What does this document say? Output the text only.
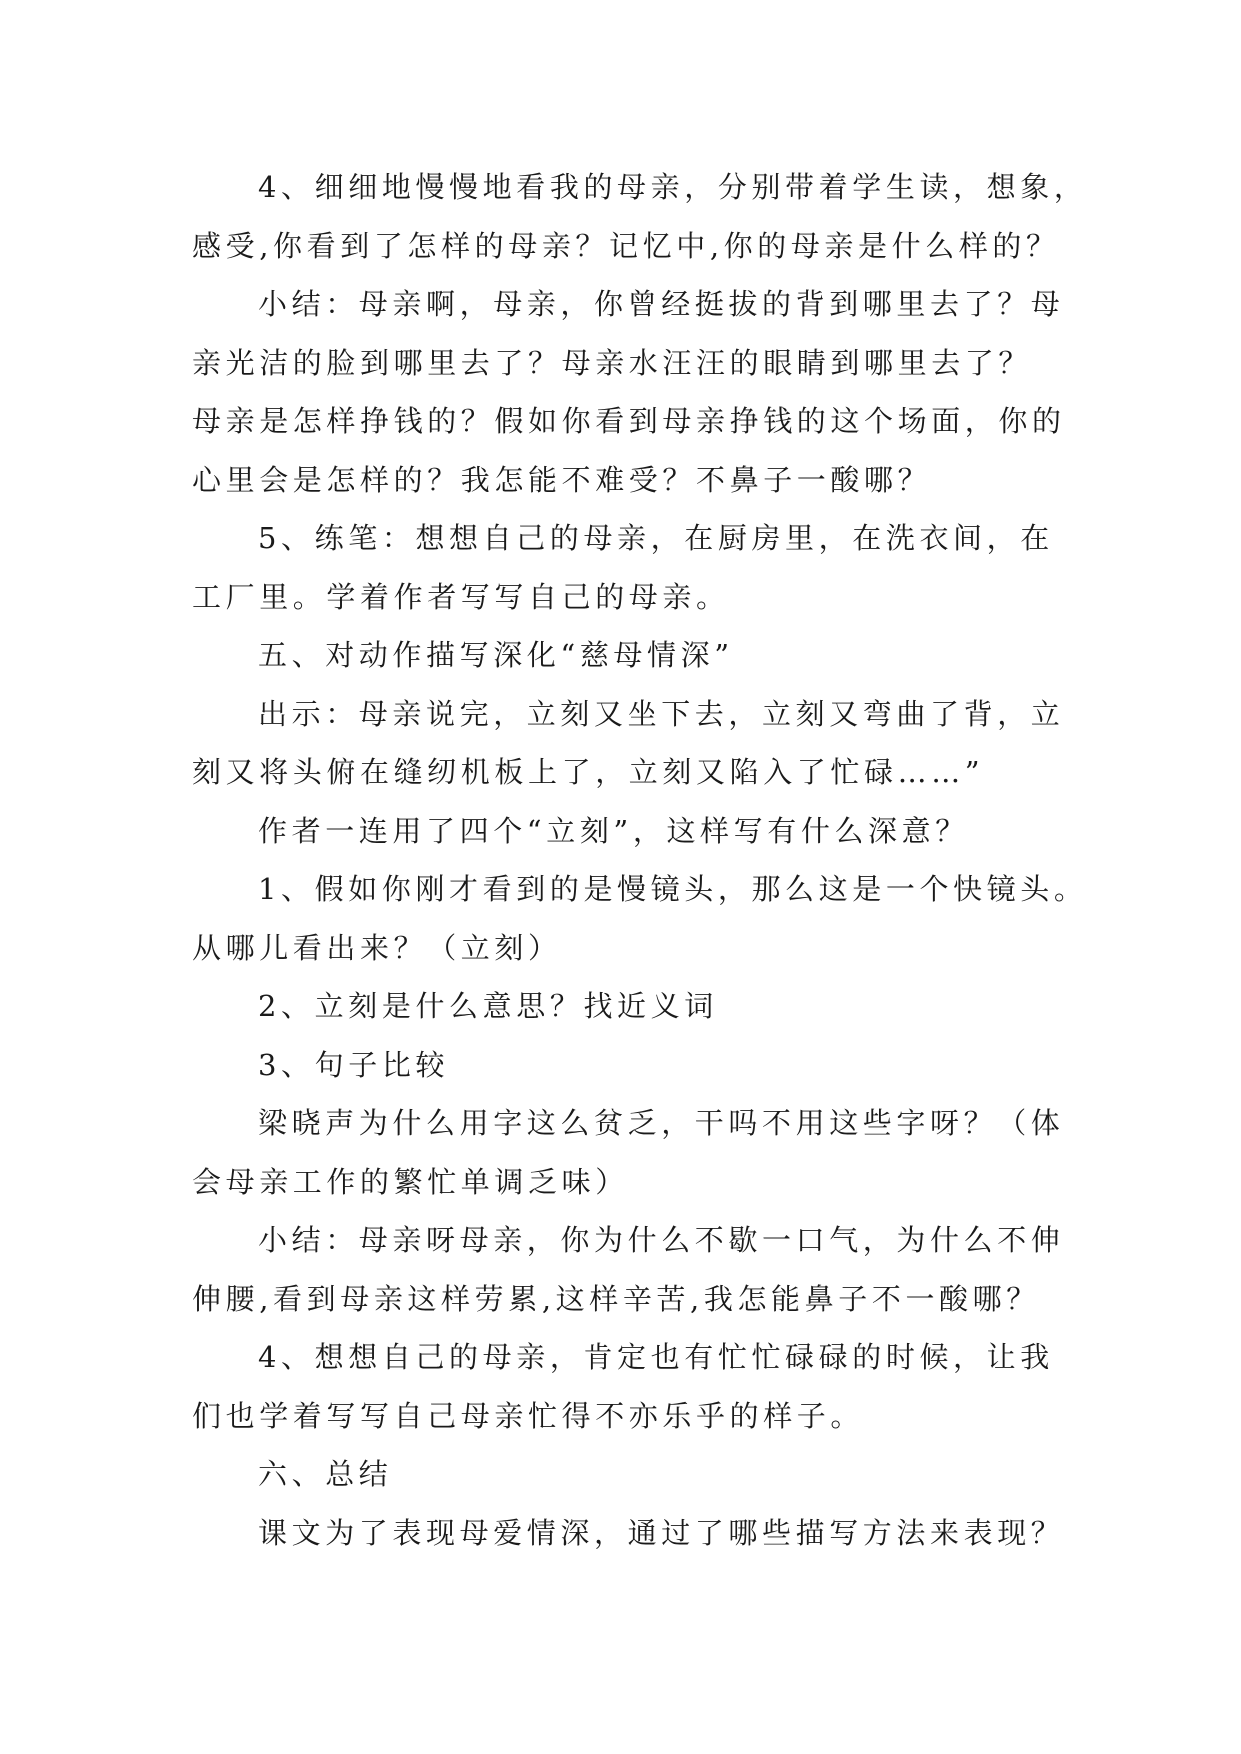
4、细细地慢慢地看我的母亲，分别带着学生读，想象，
感受,你看到了怎样的母亲？记忆中,你的母亲是什么样的？
小结：母亲啊，母亲，你曾经挺拔的背到哪里去了？母
亲光洁的脸到哪里去了？母亲水汪汪的眼睛到哪里去了？
母亲是怎样挣钱的？假如你看到母亲挣钱的这个场面，你的
心里会是怎样的？我怎能不难受？不鼻子一酸哪？
5、练笔：想想自己的母亲，在厨房里，在洗衣间，在
工厂里。学着作者写写自己的母亲。
五、对动作描写深化“慈母情深”
出示：母亲说完，立刻又坐下去，立刻又弯曲了背，立
刻又将头俯在缝纫机板上了，立刻又陷入了忙碌……”
作者一连用了四个“立刻”，这样写有什么深意？
1、假如你刚才看到的是慢镜头，那么这是一个快镜头。
从哪儿看出来？（立刻）
2、立刻是什么意思？找近义词
3、句子比较
梁晓声为什么用字这么贫乏，干吗不用这些字呀？（体
会母亲工作的繁忙单调乏味）
小结：母亲呀母亲，你为什么不歇一口气，为什么不伸
伸腰,看到母亲这样劳累,这样辛苦,我怎能鼻子不一酸哪？
4、想想自己的母亲，肯定也有忙忙碌碌的时候，让我
们也学着写写自己母亲忙得不亦乐乎的样子。
六、总结
课文为了表现母爱情深，通过了哪些描写方法来表现？
